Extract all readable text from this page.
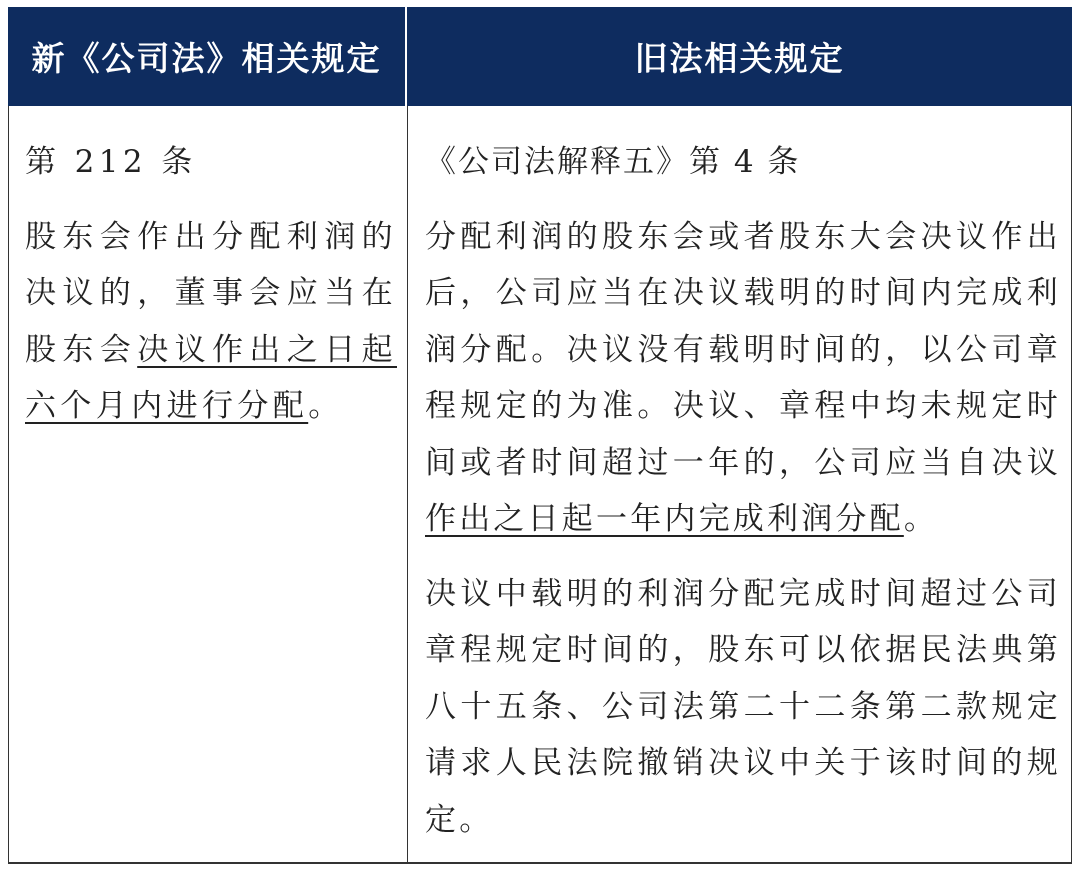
新《公司法》相关规定	旧法相关规定

第 212 条

股东会作出分配利润的决议的，董事会应当在股东会决议作出之日起六个月内进行分配。

《公司法解释五》第 4 条

分配利润的股东会或者股东大会决议作出后，公司应当在决议载明的时间内完成利润分配。决议没有载明时间的，以公司章程规定的为准。决议、章程中均未规定时间或者时间超过一年的，公司应当自决议作出之日起一年内完成利润分配。

决议中载明的利润分配完成时间超过公司章程规定时间的，股东可以依据民法典第八十五条、公司法第二十二条第二款规定请求人民法院撤销决议中关于该时间的规定。
